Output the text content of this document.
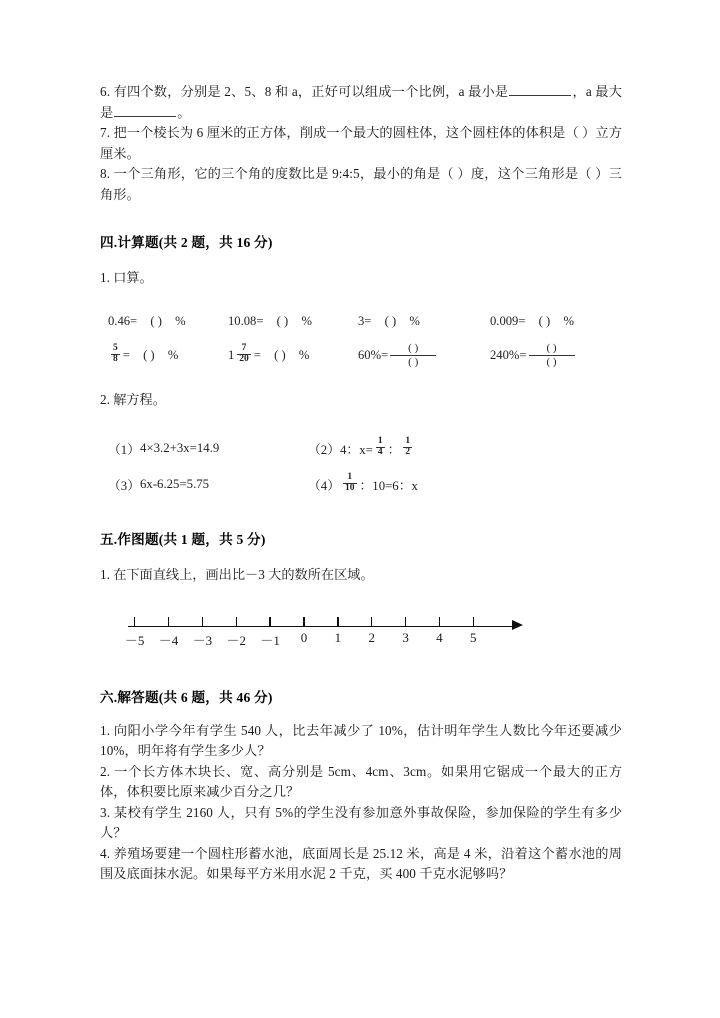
6. 有四个数，分别是 2、5、8 和 a，正好可以组成一个比例，a 最小是	，a 最大是	。
7. 把一个棱长为 6 厘米的正方体，削成一个最大的圆柱体，这个圆柱体的体积是（ ）立方厘米。
8. 一个三角形，它的三个角的度数比是 9:4:5，最小的角是（ ）度，这个三角形是（ ）三角形。
四.计算题(共 2 题，共 16 分)
1. 口算。
0.46=	( )	%	10.08=	( )	%	3=	( )	%	0.009=	( )	%
$\frac{5}{8}$ =	( )	%	$1 \frac{7}{20}$ =	( )	%	$60\% = \frac{( )}{( )}$	$240\% = \frac{( )}{( )}$
2. 解方程。
（1） 4×3.2+3x=14.9	（2） 4：$x= \frac{1}{4}$ ： $\frac{1}{2}$
（3） 6x-6.25=5.75	$(4) \frac{1}{10}$ ：10=6：x
五.作图题(共 1 题，共 5 分)
1. 在下面直线上，画出比－3 大的数所在区域。
－5 －4 －3 －2 －1 0 1 2 3 4 5
六.解答题(共 6 题，共 46 分)
1. 向阳小学今年有学生 540 人，比去年减少了 10%，估计明年学生人数比今年还要减少 10%，明年将有学生多少人？
2. 一个长方体木块长、宽、高分别是 5cm、4cm、3cm。如果用它锯成一个最大的正方体，体积要比原来减少百分之几？
3. 某校有学生 2160 人，只有 5%的学生没有参加意外事故保险，参加保险的学生有多少人？
4. 养殖场要建一个圆柱形蓄水池，底面周长是 25.12 米，高是 4 米，沿着这个蓄水池的周围及底面抹水泥。如果每平方米用水泥 2 千克，买 400 千克水泥够吗？
